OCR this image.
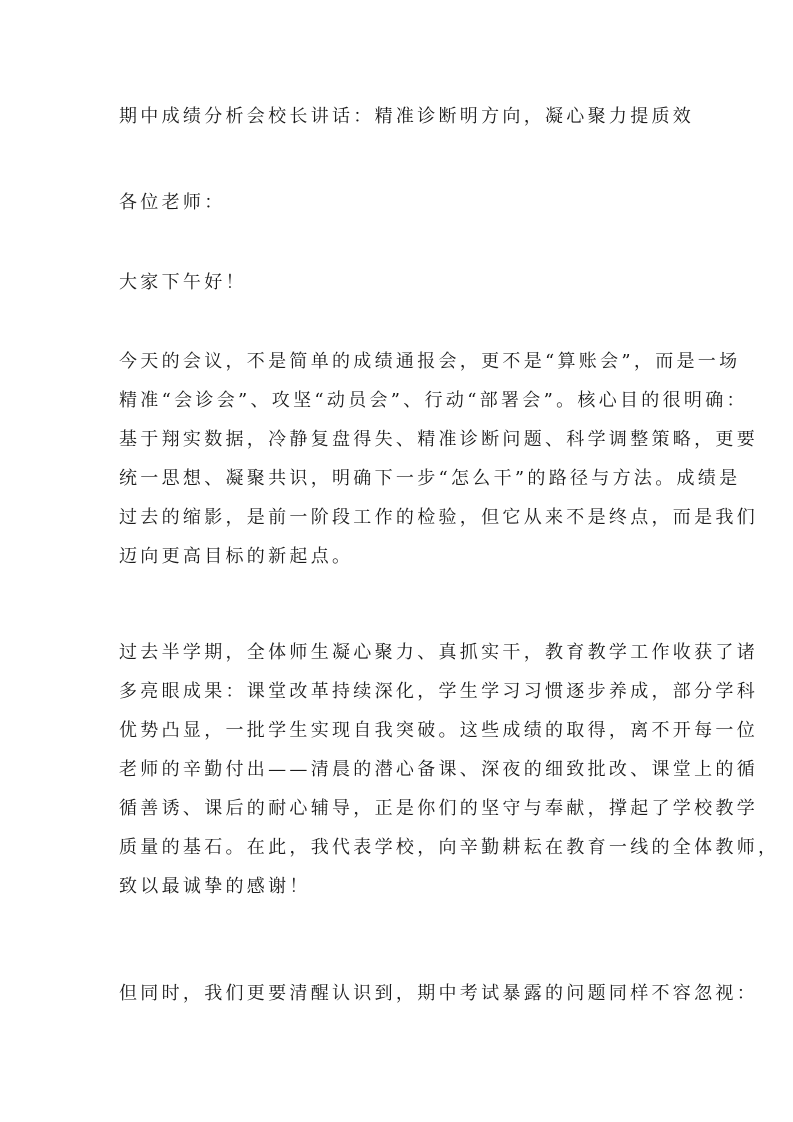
期中成绩分析会校长讲话：精准诊断明方向，凝心聚力提质效
各位老师：
大家下午好！
今天的会议，不是简单的成绩通报会，更不是“算账会”，而是一场
精准“会诊会”、攻坚“动员会”、行动“部署会”。核心目的很明确：
基于翔实数据，冷静复盘得失、精准诊断问题、科学调整策略，更要
统一思想、凝聚共识，明确下一步“怎么干”的路径与方法。成绩是
过去的缩影，是前一阶段工作的检验，但它从来不是终点，而是我们
迈向更高目标的新起点。
过去半学期，全体师生凝心聚力、真抓实干，教育教学工作收获了诸
多亮眼成果：课堂改革持续深化，学生学习习惯逐步养成，部分学科
优势凸显，一批学生实现自我突破。这些成绩的取得，离不开每一位
老师的辛勤付出——清晨的潜心备课、深夜的细致批改、课堂上的循
循善诱、课后的耐心辅导，正是你们的坚守与奉献，撑起了学校教学
质量的基石。在此，我代表学校，向辛勤耕耘在教育一线的全体教师，
致以最诚挚的感谢！
但同时，我们更要清醒认识到，期中考试暴露的问题同样不容忽视：
